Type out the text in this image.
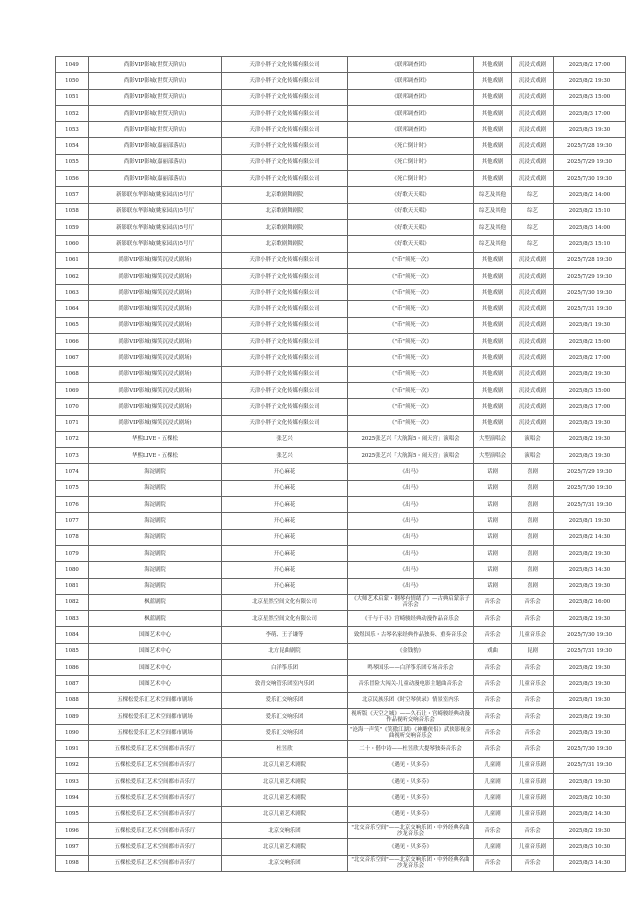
1049	尚影VIP影城(世贸天阶店)	天津小胖子文化传媒有限公司	《联邦调查团》	其他戏剧	沉浸式戏剧	2025/8/2 17:00
1050	尚影VIP影城(世贸天阶店)	天津小胖子文化传媒有限公司	《联邦调查团》	其他戏剧	沉浸式戏剧	2025/8/2 19:30
1051	尚影VIP影城(世贸天阶店)	天津小胖子文化传媒有限公司	《联邦调查团》	其他戏剧	沉浸式戏剧	2025/8/3 15:00
1052	尚影VIP影城(世贸天阶店)	天津小胖子文化传媒有限公司	《联邦调查团》	其他戏剧	沉浸式戏剧	2025/8/3 17:00
1053	尚影VIP影城(世贸天阶店)	天津小胖子文化传媒有限公司	《联邦调查团》	其他戏剧	沉浸式戏剧	2025/8/3 19:30
1054	尚影VIP影城(嘉丽部落店)	天津小胖子文化传媒有限公司	《死亡倒计时》	其他戏剧	沉浸式戏剧	2025/7/28 19:30
1055	尚影VIP影城(嘉丽部落店)	天津小胖子文化传媒有限公司	《死亡倒计时》	其他戏剧	沉浸式戏剧	2025/7/29 19:30
1056	尚影VIP影城(嘉丽部落店)	天津小胖子文化传媒有限公司	《死亡倒计时》	其他戏剧	沉浸式戏剧	2025/7/30 19:30
1057	新影联东华影城(姚家园店)5号厅	北京歌剧舞剧院	《好歌天天唱》	综艺及其他	综艺	2025/8/2 14:00
1058	新影联东华影城(姚家园店)5号厅	北京歌剧舞剧院	《好歌天天唱》	综艺及其他	综艺	2025/8/2 15:10
1059	新影联东华影城(姚家园店)5号厅	北京歌剧舞剧院	《好歌天天唱》	综艺及其他	综艺	2025/8/3 14:00
1060	新影联东华影城(姚家园店)5号厅	北京歌剧舞剧院	《好歌天天唱》	综艺及其他	综艺	2025/8/3 15:10
1061	尚影VIP影城(爆笑沉浸式剧场)	天津小胖子文化传媒有限公司	《"币"须死一次》	其他戏剧	沉浸式戏剧	2025/7/28 19:30
1062	尚影VIP影城(爆笑沉浸式剧场)	天津小胖子文化传媒有限公司	《"币"须死一次》	其他戏剧	沉浸式戏剧	2025/7/29 19:30
1063	尚影VIP影城(爆笑沉浸式剧场)	天津小胖子文化传媒有限公司	《"币"须死一次》	其他戏剧	沉浸式戏剧	2025/7/30 19:30
1064	尚影VIP影城(爆笑沉浸式剧场)	天津小胖子文化传媒有限公司	《"币"须死一次》	其他戏剧	沉浸式戏剧	2025/7/31 19:30
1065	尚影VIP影城(爆笑沉浸式剧场)	天津小胖子文化传媒有限公司	《"币"须死一次》	其他戏剧	沉浸式戏剧	2025/8/1 19:30
1066	尚影VIP影城(爆笑沉浸式剧场)	天津小胖子文化传媒有限公司	《"币"须死一次》	其他戏剧	沉浸式戏剧	2025/8/2 15:00
1067	尚影VIP影城(爆笑沉浸式剧场)	天津小胖子文化传媒有限公司	《"币"须死一次》	其他戏剧	沉浸式戏剧	2025/8/2 17:00
1068	尚影VIP影城(爆笑沉浸式剧场)	天津小胖子文化传媒有限公司	《"币"须死一次》	其他戏剧	沉浸式戏剧	2025/8/2 19:30
1069	尚影VIP影城(爆笑沉浸式剧场)	天津小胖子文化传媒有限公司	《"币"须死一次》	其他戏剧	沉浸式戏剧	2025/8/3 15:00
1070	尚影VIP影城(爆笑沉浸式剧场)	天津小胖子文化传媒有限公司	《"币"须死一次》	其他戏剧	沉浸式戏剧	2025/8/3 17:00
1071	尚影VIP影城(爆笑沉浸式剧场)	天津小胖子文化传媒有限公司	《"币"须死一次》	其他戏剧	沉浸式戏剧	2025/8/3 19:30
1072	华熙LIVE・五棵松	张艺兴	2025张艺兴「大航海5・闹天宫」演唱会	大型演唱会	演唱会	2025/8/2 19:30
1073	华熙LIVE・五棵松	张艺兴	2025张艺兴「大航海5・闹天宫」演唱会	大型演唱会	演唱会	2025/8/3 19:30
1074	海淀剧院	开心麻花	《出马》	话剧	喜剧	2025/7/29 19:30
1075	海淀剧院	开心麻花	《出马》	话剧	喜剧	2025/7/30 19:30
1076	海淀剧院	开心麻花	《出马》	话剧	喜剧	2025/7/31 19:30
1077	海淀剧院	开心麻花	《出马》	话剧	喜剧	2025/8/1 19:30
1078	海淀剧院	开心麻花	《出马》	话剧	喜剧	2025/8/2 14:30
1079	海淀剧院	开心麻花	《出马》	话剧	喜剧	2025/8/2 19:30
1080	海淀剧院	开心麻花	《出马》	话剧	喜剧	2025/8/3 14:30
1081	海淀剧院	开心麻花	《出马》	话剧	喜剧	2025/8/3 19:30
1082	枫蓝剧院	北京星然空间文化有限公司	《大师艺术启蒙・钢琴有情绪了》—古典启蒙亲子音乐会	音乐会	音乐会	2025/8/2 16:00
1083	枫蓝剧院	北京星然空间文化有限公司	《千与千寻》宫崎骏经典动漫作品音乐会	音乐会	音乐会	2025/8/2 19:30
1084	国图艺术中心	李萌、王子谦等	致煜国乐・古琴名家经典作品独奏、重奏音乐会	音乐会	儿童音乐会	2025/7/30 19:30
1085	国图艺术中心	北方昆曲剧院	《金钱豹》	戏曲	昆剧	2025/7/31 19:30
1086	国图艺术中心	白洋筝乐团	鸣琴国乐——白洋筝乐团专场音乐会	音乐会	音乐会	2025/8/2 19:30
1087	国图艺术中心	敦青交响管乐团室内乐团	音乐冒险大闯关-儿童动漫电影主题曲音乐会	音乐会	儿童音乐会	2025/8/3 19:30
1088	五棵松爱乐汇艺术空间都市剧场	爱乐汇交响乐团	北京民族乐团《时空琴侠录》情景室内乐	音乐会	音乐会	2025/8/1 19:30
1089	五棵松爱乐汇艺术空间都市剧场	爱乐汇交响乐团	视听版《天空之城》——久石让・宫崎骏经典动漫作品视听交响音乐会	音乐会	音乐会	2025/8/2 19:30
1090	五棵松爱乐汇艺术空间都市剧场	爱乐汇交响乐团	"沧海一声笑"《笑傲江湖》《神雕侠侣》武侠影视金曲视听交响音乐会	音乐会	音乐会	2025/8/3 19:30
1091	五棵松爱乐汇艺术空间都市音乐厅	杜昱欣	二十・偕中诗——杜昱欣大提琴独奏音乐会	音乐会	音乐会	2025/7/30 19:30
1092	五棵松爱乐汇艺术空间都市音乐厅	北京儿童艺术剧院	《遇见・贝多芬》	儿童剧	儿童音乐剧	2025/7/31 19:30
1093	五棵松爱乐汇艺术空间都市音乐厅	北京儿童艺术剧院	《遇见・贝多芬》	儿童剧	儿童音乐剧	2025/8/1 19:30
1094	五棵松爱乐汇艺术空间都市音乐厅	北京儿童艺术剧院	《遇见・贝多芬》	儿童剧	儿童音乐剧	2025/8/2 10:30
1095	五棵松爱乐汇艺术空间都市音乐厅	北京儿童艺术剧院	《遇见・贝多芬》	儿童剧	儿童音乐剧	2025/8/2 14:30
1096	五棵松爱乐汇艺术空间都市音乐厅	北京交响乐团	"北交音乐空间"——北京交响乐团・中外经典名曲沙龙音乐会	音乐会	音乐会	2025/8/2 19:30
1097	五棵松爱乐汇艺术空间都市音乐厅	北京儿童艺术剧院	《遇见・贝多芬》	儿童剧	儿童音乐剧	2025/8/3 10:30
1098	五棵松爱乐汇艺术空间都市音乐厅	北京交响乐团	"北交音乐空间"——北京交响乐团・中外经典名曲沙龙音乐会	音乐会	音乐会	2025/8/3 14:30
